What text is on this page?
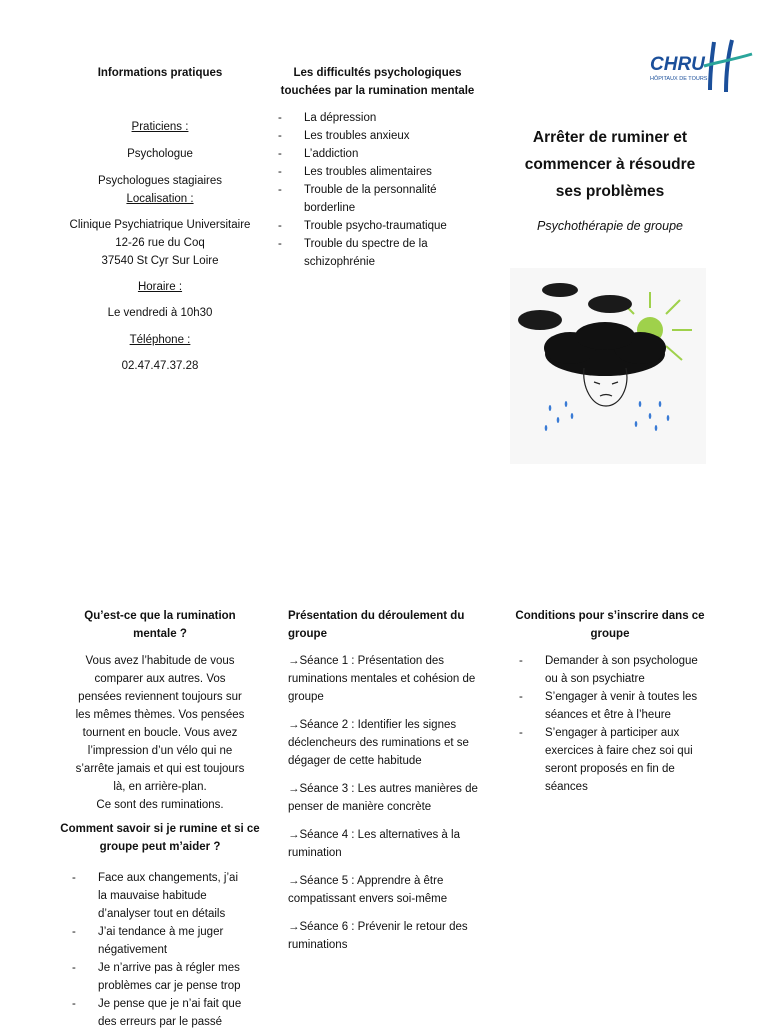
Informations pratiques
Praticiens :

Psychologue

Psychologues stagiaires

Localisation :

Clinique Psychiatrique Universitaire

12-26 rue du Coq

37540 St Cyr Sur Loire

Horaire :

Le vendredi à 10h30

Téléphone :

02.47.47.37.28

Les difficultés psychologiques
touchées par la rumination mentale
- La dépression
- Les troubles anxieux
- L’addiction
- Les troubles alimentaires
- Trouble de la personnalité borderline
- Trouble psycho-traumatique
- Trouble du spectre de la schizophrénie
CHRU
HÔPITAUX DE TOURS

Arrêter de ruminer et

commencer à résoudre

ses problèmes

Psychothérapie de groupe
Qu’est-ce que la rumination
mentale ?

Vous avez l’habitude de vous comparer aux autres. Vos pensées reviennent toujours sur les mêmes thèmes. Vos pensées tournent en boucle. Vous avez l’impression d’un vélo qui ne s’arrête jamais et qui est toujours là, en arrière-plan.

Ce sont des ruminations.

Comment savoir si je rumine et si ce
groupe peut m’aider ?
- Face aux changements, j’ai la mauvaise habitude d’analyser tout en détails
- J’ai tendance à me juger négativement
- Je n’arrive pas à régler mes problèmes car je pense trop
- Je pense que je n’ai fait que des erreurs par le passé
Présentation du déroulement du
groupe

→Séance 1 : Présentation des ruminations mentales et cohésion de groupe

→Séance 2 : Identifier les signes déclencheurs des ruminations et se dégager de cette habitude

→Séance 3 : Les autres manières de penser de manière concrète

→Séance 4 : Les alternatives à la rumination

→Séance 5 : Apprendre à être compatissant envers soi-même

→Séance 6 : Prévenir le retour des ruminations

Conditions pour s’inscrire dans ce
groupe
- Demander à son psychologue ou à son psychiatre
- S’engager à venir à toutes les séances et être à l’heure
- S’engager à participer aux exercices à faire chez soi qui seront proposés en fin de séances
